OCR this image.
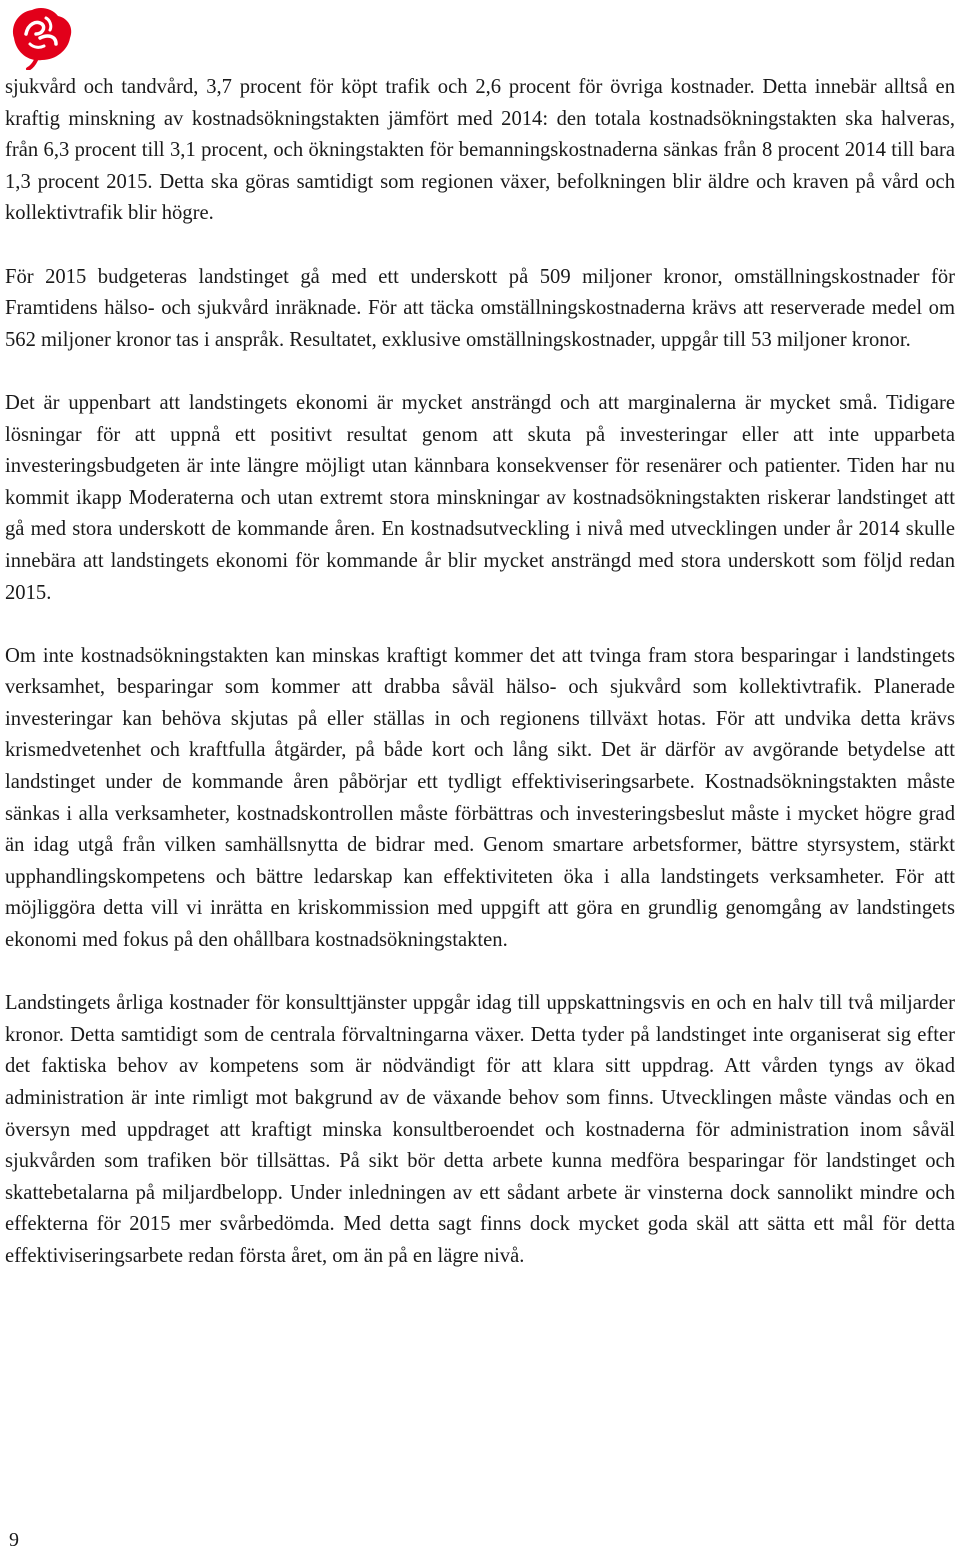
sjukvård och tandvård, 3,7 procent för köpt trafik och 2,6 procent för övriga kostnader. Detta innebär alltså en kraftig minskning av kostnadsökningstakten jämfört med 2014: den totala kostnadsökningstakten ska halveras, från 6,3 procent till 3,1 procent, och ökningstakten för bemanningskostnaderna sänkas från 8 procent 2014 till bara 1,3 procent 2015. Detta ska göras samtidigt som regionen växer, befolkningen blir äldre och kraven på vård och kollektivtrafik blir högre.

För 2015 budgeteras landstinget gå med ett underskott på 509 miljoner kronor, omställningskostnader för Framtidens hälso- och sjukvård inräknade. För att täcka omställningskostnaderna krävs att reserverade medel om 562 miljoner kronor tas i anspråk. Resultatet, exklusive omställningskostnader, uppgår till 53 miljoner kronor.

Det är uppenbart att landstingets ekonomi är mycket ansträngd och att marginalerna är mycket små. Tidigare lösningar för att uppnå ett positivt resultat genom att skuta på investeringar eller att inte upparbeta investeringsbudgeten är inte längre möjligt utan kännbara konsekvenser för resenärer och patienter. Tiden har nu kommit ikapp Moderaterna och utan extremt stora minskningar av kostnadsökningstakten riskerar landstinget att gå med stora underskott de kommande åren. En kostnadsutveckling i nivå med utvecklingen under år 2014 skulle innebära att landstingets ekonomi för kommande år blir mycket ansträngd med stora underskott som följd redan 2015.

Om inte kostnadsökningstakten kan minskas kraftigt kommer det att tvinga fram stora besparingar i landstingets verksamhet, besparingar som kommer att drabba såväl hälso- och sjukvård som kollektivtrafik. Planerade investeringar kan behöva skjutas på eller ställas in och regionens tillväxt hotas. För att undvika detta krävs krismedvetenhet och kraftfulla åtgärder, på både kort och lång sikt. Det är därför av avgörande betydelse att landstinget under de kommande åren påbörjar ett tydligt effektiviseringsarbete. Kostnadsökningstakten måste sänkas i alla verksamheter, kostnadskontrollen måste förbättras och investeringsbeslut måste i mycket högre grad än idag utgå från vilken samhällsnytta de bidrar med. Genom smartare arbetsformer, bättre styrsystem, stärkt upphandlingskompetens och bättre ledarskap kan effektiviteten öka i alla landstingets verksamheter. För att möjliggöra detta vill vi inrätta en kriskommission med uppgift att göra en grundlig genomgång av landstingets ekonomi med fokus på den ohållbara kostnadsökningstakten.

Landstingets årliga kostnader för konsulttjänster uppgår idag till uppskattningsvis en och en halv till två miljarder kronor. Detta samtidigt som de centrala förvaltningarna växer. Detta tyder på landstinget inte organiserat sig efter det faktiska behov av kompetens som är nödvändigt för att klara sitt uppdrag. Att vården tyngs av ökad administration är inte rimligt mot bakgrund av de växande behov som finns. Utvecklingen måste vändas och en översyn med uppdraget att kraftigt minska konsultberoendet och kostnaderna för administration inom såväl sjukvården som trafiken bör tillsättas. På sikt bör detta arbete kunna medföra besparingar för landstinget och skattebetalarna på miljardbelopp. Under inledningen av ett sådant arbete är vinsterna dock sannolikt mindre och effekterna för 2015 mer svårbedömda. Med detta sagt finns dock mycket goda skäl att sätta ett mål för detta effektiviseringsarbete redan första året, om än på en lägre nivå.

9
